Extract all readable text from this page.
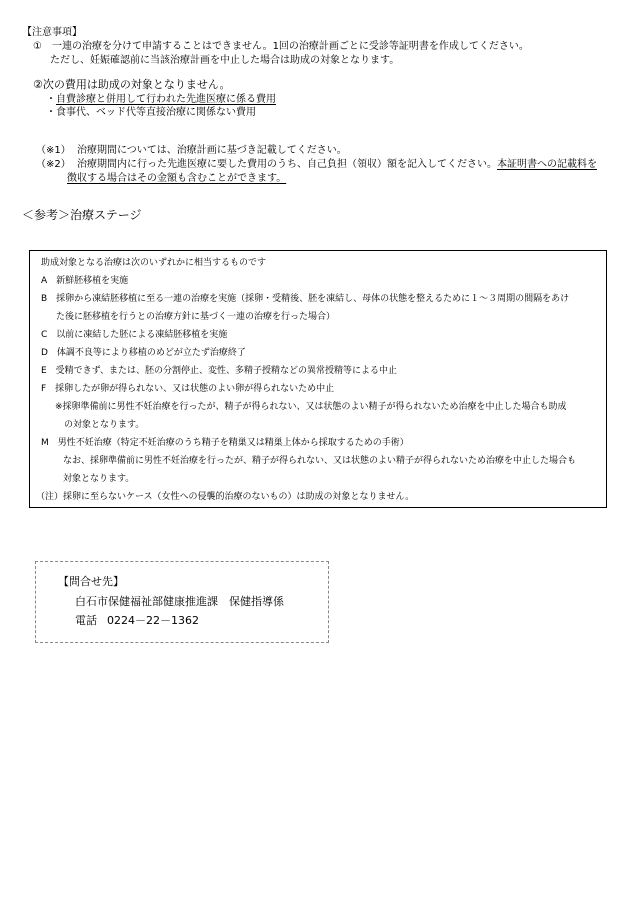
【注意事項】
①　一連の治療を分けて申請することはできません。1回の治療計画ごとに受診等証明書を作成してください。
ただし、妊娠確認前に当該治療計画を中止した場合は助成の対象となります。
②次の費用は助成の対象となりません。
・自費診療と併用して行われた先進医療に係る費用
・食事代、ベッド代等直接治療に関係ない費用
（※1） 治療期間については、治療計画に基づき記載してください。
（※2） 治療期間内に行った先進医療に要した費用のうち、自己負担（領収）額を記入してください。本証明書への記載料を
徴収する場合はその金額も含むことができます。
＜参考＞治療ステージ
助成対象となる治療は次のいずれかに相当するものです
A　新鮮胚移植を実施
B　採卵から凍結胚移植に至る一連の治療を実施（採卵・受精後、胚を凍結し、母体の状態を整えるために１～３周期の間隔をあけ
た後に胚移植を行うとの治療方針に基づく一連の治療を行った場合）
C　以前に凍結した胚による凍結胚移植を実施
D　体調不良等により移植のめどが立たず治療終了
E　受精できず、または、胚の分割停止、変性、多精子授精などの異常授精等による中止
F　採卵したが卵が得られない、又は状態のよい卵が得られないため中止
※採卵準備前に男性不妊治療を行ったが、精子が得られない、又は状態のよい精子が得られないため治療を中止した場合も助成
の対象となります。
M　男性不妊治療（特定不妊治療のうち精子を精巣又は精巣上体から採取するための手術）
なお、採卵準備前に男性不妊治療を行ったが、精子が得られない、又は状態のよい精子が得られないため治療を中止した場合も
対象となります。
（注）採卵に至らないケース（女性への侵襲的治療のないもの）は助成の対象となりません。
【問合せ先】
白石市保健福祉部健康推進課　保健指導係
電話 0224－22－1362
